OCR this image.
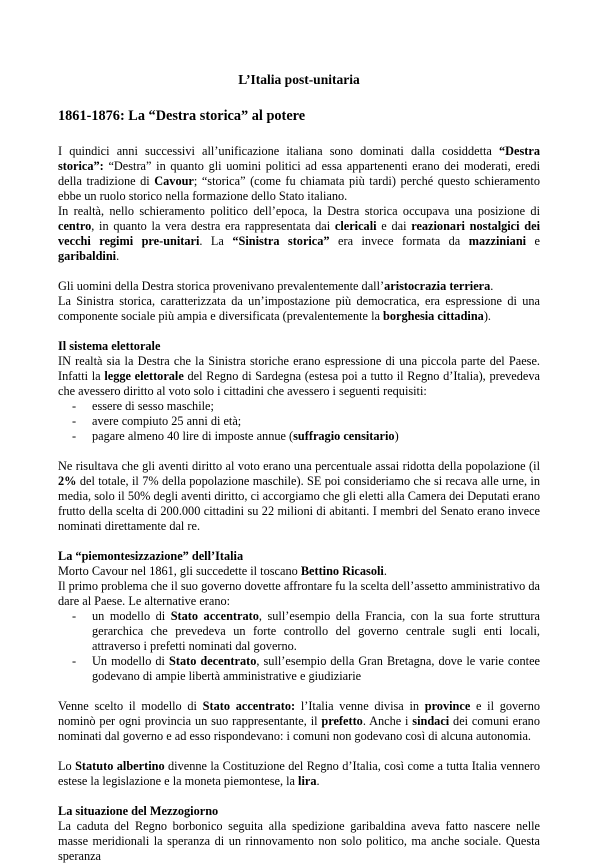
L’Italia post-unitaria
1861-1876: La “Destra storica” al potere

I quindici anni successivi all’unificazione italiana sono dominati dalla cosiddetta “Destra storica”: “Destra” in quanto gli uomini politici ad essa appartenenti erano dei moderati, eredi della tradizione di Cavour; “storica” (come fu chiamata più tardi) perché questo schieramento ebbe un ruolo storico nella formazione dello Stato italiano.

In realtà, nello schieramento politico dell’epoca, la Destra storica occupava una posizione di centro, in quanto la vera destra era rappresentata dai clericali e dai reazionari nostalgici dei vecchi regimi pre-unitari. La “Sinistra storica” era invece formata da mazziniani e garibaldini.

Gli uomini della Destra storica provenivano prevalentemente dall’aristocrazia terriera.

La Sinistra storica, caratterizzata da un’impostazione più democratica, era espressione di una componente sociale più ampia e diversificata (prevalentemente la borghesia cittadina).

Il sistema elettorale

IN realtà sia la Destra che la Sinistra storiche erano espressione di una piccola parte del Paese. Infatti la legge elettorale del Regno di Sardegna (estesa poi a tutto il Regno d’Italia), prevedeva che avessero diritto al voto solo i cittadini che avessero i seguenti requisiti:

- essere di sesso maschile;
- avere compiuto 25 anni di età;
- pagare almeno 40 lire di imposte annue (suffragio censitario)

Ne risultava che gli aventi diritto al voto erano una percentuale assai ridotta della popolazione (il 2% del totale, il 7% della popolazione maschile). SE poi consideriamo che si recava alle urne, in media, solo il 50% degli aventi diritto, ci accorgiamo che gli eletti alla Camera dei Deputati erano frutto della scelta di 200.000 cittadini su 22 milioni di abitanti. I membri del Senato erano invece nominati direttamente dal re.

La “piemontesizzazione” dell’Italia

Morto Cavour nel 1861, gli succedette il toscano Bettino Ricasoli.

Il primo problema che il suo governo dovette affrontare fu la scelta dell’assetto amministrativo da dare al Paese. Le alternative erano:

- un modello di Stato accentrato, sull’esempio della Francia, con la sua forte struttura gerarchica che prevedeva un forte controllo del governo centrale sugli enti locali, attraverso i prefetti nominati dal governo.
- Un modello di Stato decentrato, sull’esempio della Gran Bretagna, dove le varie contee godevano di ampie libertà amministrative e giudiziarie

Venne scelto il modello di Stato accentrato: l’Italia venne divisa in province e il governo nominò per ogni provincia un suo rappresentante, il prefetto. Anche i sindaci dei comuni erano nominati dal governo e ad esso rispondevano: i comuni non godevano così di alcuna autonomia.

Lo Statuto albertino divenne la Costituzione del Regno d’Italia, così come a tutta Italia vennero estese la legislazione e la moneta piemontese, la lira.

La situazione del Mezzogiorno

La caduta del Regno borbonico seguita alla spedizione garibaldina aveva fatto nascere nelle masse meridionali la speranza di un rinnovamento non solo politico, ma anche sociale. Questa speranza
